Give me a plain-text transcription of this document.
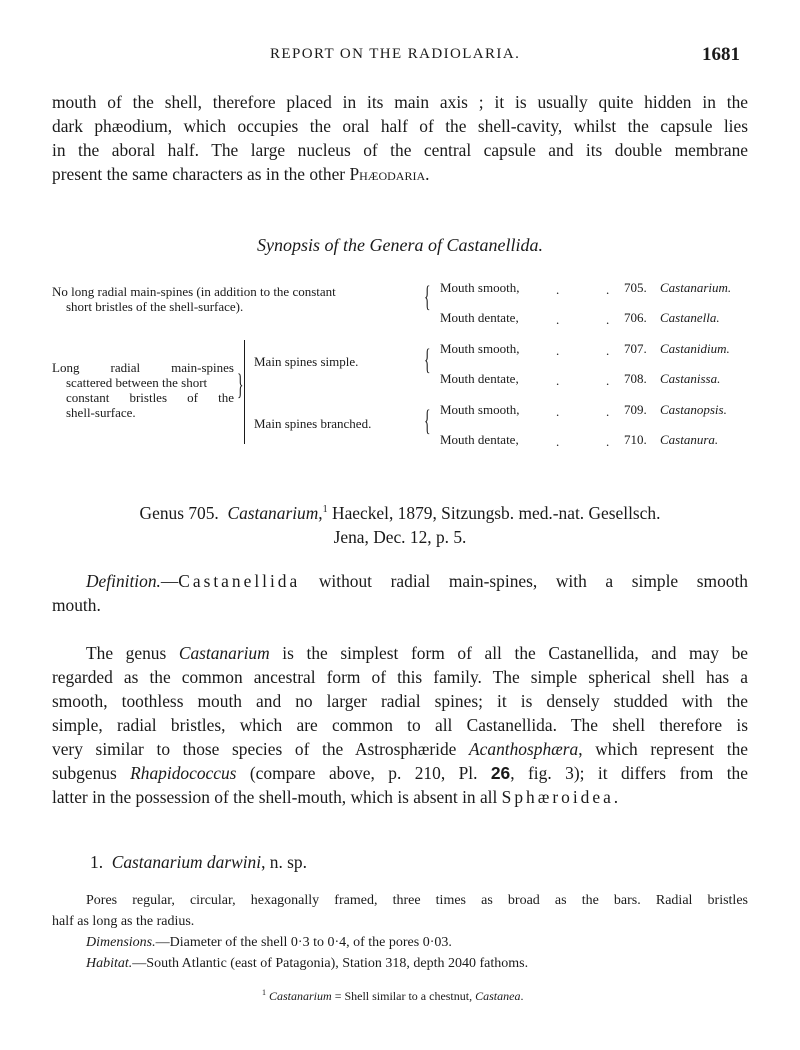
REPORT ON THE RADIOLARIA.	1681
mouth of the shell, therefore placed in its main axis ; it is usually quite hidden in the
dark phæodium, which occupies the oral half of the shell-cavity, whilst the capsule lies
in the aboral half. The large nucleus of the central capsule and its double membrane
present the same characters as in the other Phæodaria.
Synopsis of the Genera of Castanellida.
No long radial main-spines (in addition to the constant
short bristles of the shell-surface).	{
Long radial main-spines
scattered between the short
constant bristles of the
shell-surface.
}
Main spines simple.
Main spines branched.
{
{
Mouth smooth,	.	. 705. Castanarium.
Mouth dentate,	.	. 706. Castanella.
Mouth smooth,	.	. 707. Castanidium.
Mouth dentate,	.	. 708. Castanissa.
Mouth smooth,	.	. 709. Castanopsis.
Mouth dentate,	.	. 710. Castanura.
Genus 705. Castanarium,$^1$ Haeckel, 1879, Sitzungsb. med.-nat. Gesellsch.
Jena, Dec. 12, p. 5.
Definition.—Castanellida without radial main-spines, with a simple smooth
mouth.
The genus Castanarium is the simplest form of all the Castanellida, and may be
regarded as the common ancestral form of this family. The simple spherical shell has a
smooth, toothless mouth and no larger radial spines; it is densely studded with the
simple, radial bristles, which are common to all Castanellida. The shell therefore is
very similar to those species of the Astrosphæride Acanthosphæra, which represent the
subgenus Rhapidococcus (compare above, p. 210, Pl. 26, fig. 3); it differs from the
latter in the possession of the shell-mouth, which is absent in all Sphæroidea.
1. Castanarium darwini, n. sp.
Pores regular, circular, hexagonally framed, three times as broad as the bars. Radial bristles
half as long as the radius.
Dimensions.—Diameter of the shell 0·3 to 0·4, of the pores 0·03.
Habitat.—South Atlantic (east of Patagonia), Station 318, depth 2040 fathoms.
$^1$ Castanarium = Shell similar to a chestnut, Castanea.
